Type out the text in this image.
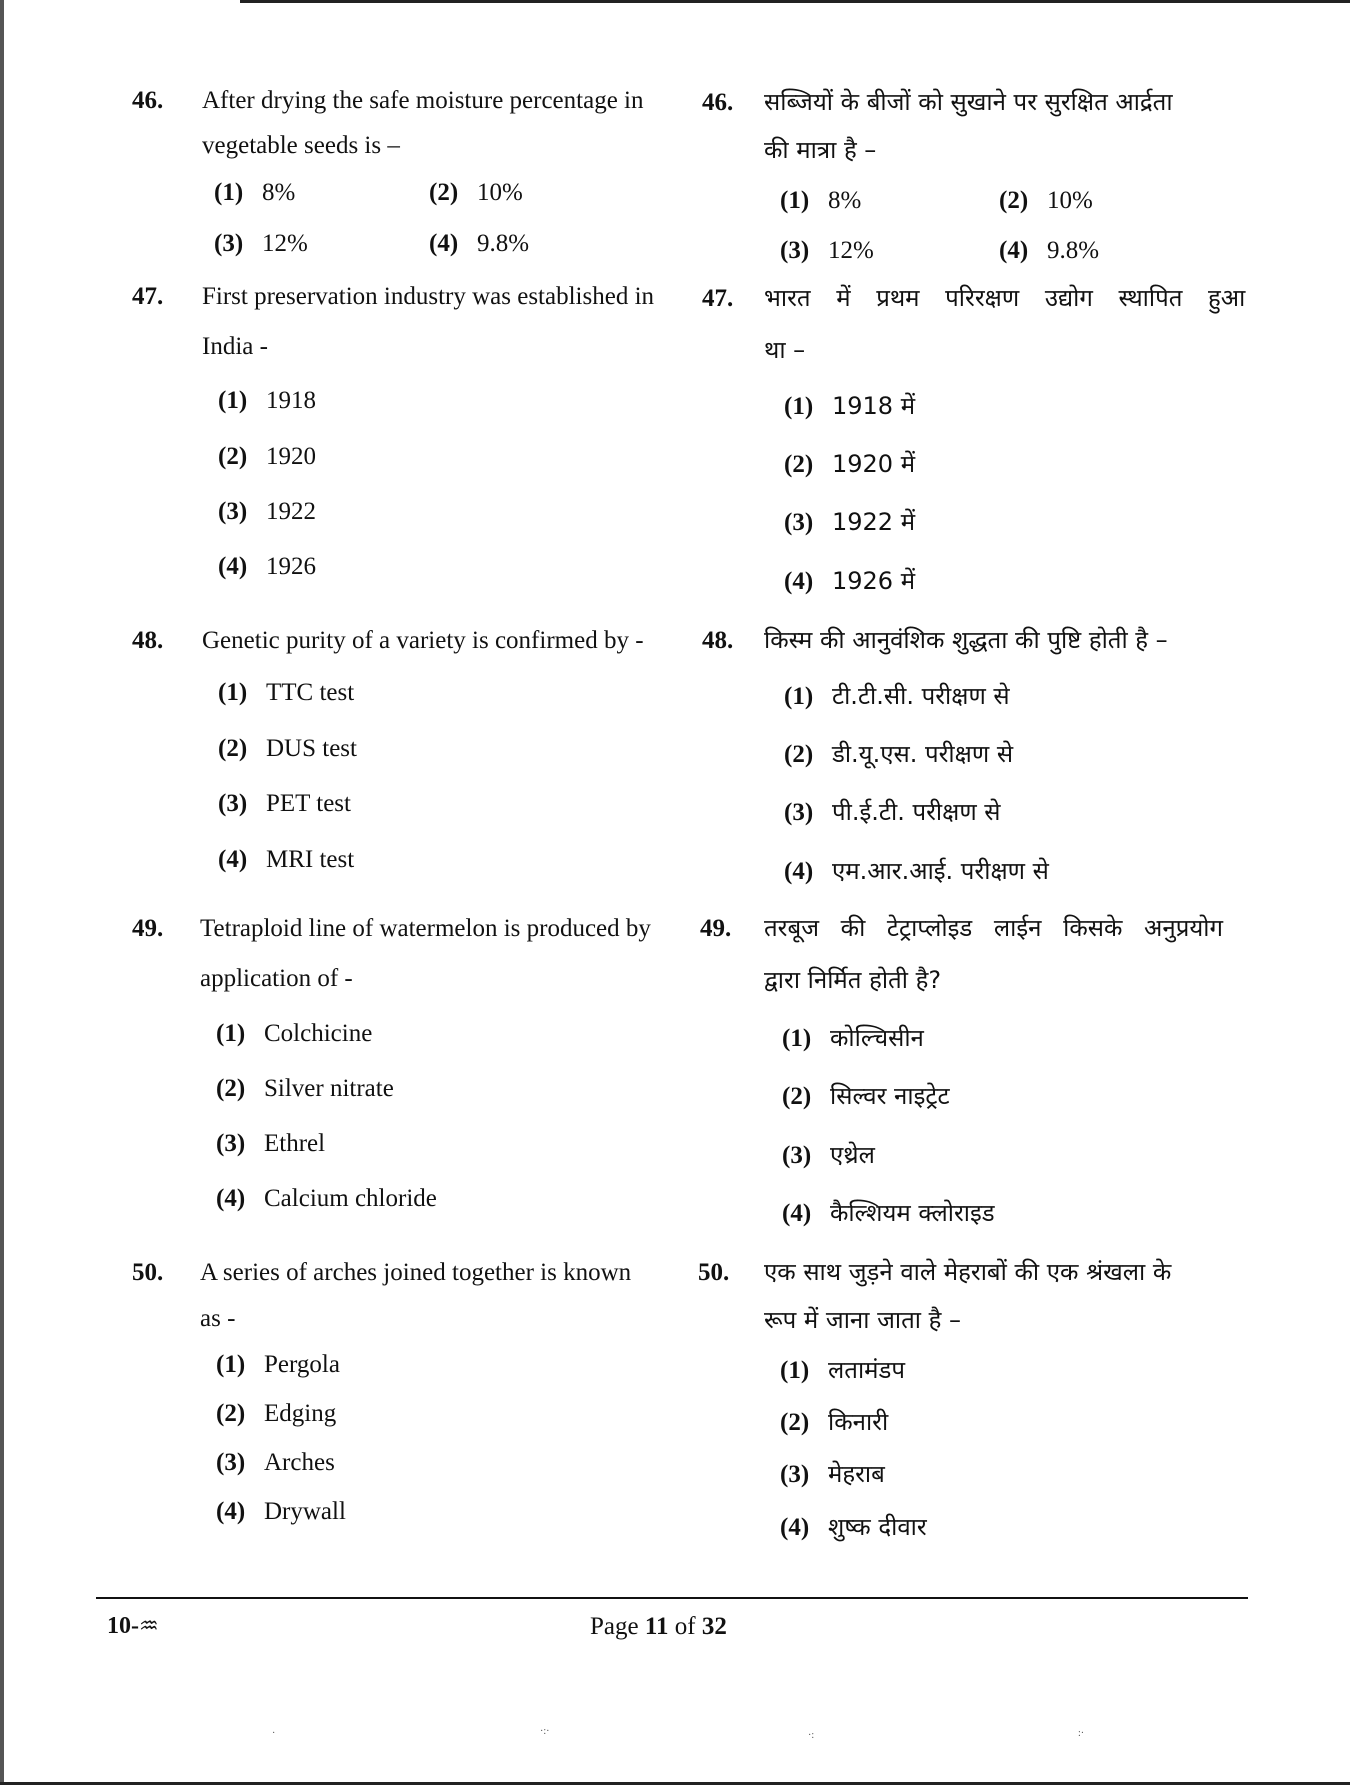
46. After drying the safe moisture percentage in
vegetable seeds is –
(1) 8%	(2) 10%
(3) 12%	(4) 9.8%
46. सब्जियों के बीजों को सुखाने पर सुरक्षित आर्द्रता
की मात्रा है –
(1) 8%	(2) 10%
(3) 12%	(4) 9.8%
47. First preservation industry was established in
India -
(1) 1918
(2) 1920
(3) 1922
(4) 1926
47. भारत में प्रथम परिरक्षण उद्योग स्थापित हुआ
था –
(1) 1918 में
(2) 1920 में
(3) 1922 में
(4) 1926 में
48. Genetic purity of a variety is confirmed by -
(1) TTC test
(2) DUS test
(3) PET test
(4) MRI test
48. किस्म की आनुवंशिक शुद्धता की पुष्टि होती है –
(1) टी.टी.सी. परीक्षण से
(2) डी.यू.एस. परीक्षण से
(3) पी.ई.टी. परीक्षण से
(4) एम.आर.आई. परीक्षण से
49. Tetraploid line of watermelon is produced by
application of -
(1) Colchicine
(2) Silver nitrate
(3) Ethrel
(4) Calcium chloride
49. तरबूज की टेट्राप्लोइड लाईन किसके अनुप्रयोग
द्वारा निर्मित होती है?
(1) कोल्चिसीन
(2) सिल्वर नाइट्रेट
(3) एथ्रेल
(4) कैल्शियम क्लोराइड
50. A series of arches joined together is known
as -
(1) Pergola
(2) Edging
(3) Arches
(4) Drywall
50. एक साथ जुड़ने वाले मेहराबों की एक श्रंखला के
रूप में जाना जाता है –
(1) लतामंडप
(2) किनारी
(3) मेहराब
(4) शुष्क दीवार
10-♒	Page 11 of 32
·	·:·	·:	:·
